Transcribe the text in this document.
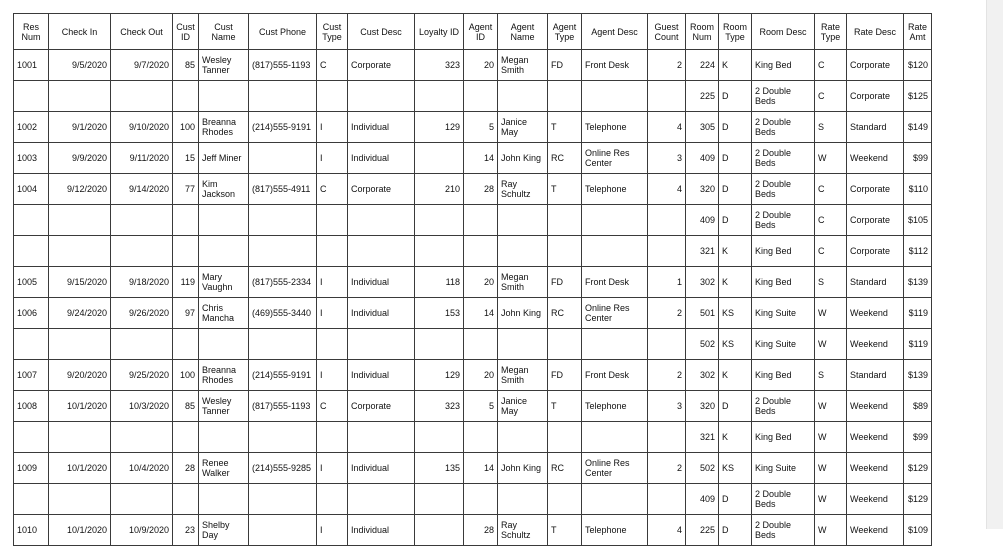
Res Num	Check In	Check Out	Cust ID	Cust Name	Cust Phone	Cust Type	Cust Desc	Loyalty ID	Agent ID	Agent Name	Agent Type	Agent Desc	Guest Count	Room Num	Room Type	Room Desc	Rate Type	Rate Desc	Rate Amt
1001	9/5/2020	9/7/2020	85	Wesley Tanner	(817)555-1193	C	Corporate	323	20	Megan Smith	FD	Front Desk	2	224	K	King Bed	C	Corporate	$120
														225	D	2 Double Beds	C	Corporate	$125
1002	9/1/2020	9/10/2020	100	Breanna Rhodes	(214)555-9191	I	Individual	129	5	Janice May	T	Telephone	4	305	D	2 Double Beds	S	Standard	$149
1003	9/9/2020	9/11/2020	15	Jeff Miner		I	Individual		14	John King	RC	Online Res Center	3	409	D	2 Double Beds	W	Weekend	$99
1004	9/12/2020	9/14/2020	77	Kim Jackson	(817)555-4911	C	Corporate	210	28	Ray Schultz	T	Telephone	4	320	D	2 Double Beds	C	Corporate	$110
														409	D	2 Double Beds	C	Corporate	$105
														321	K	King Bed	C	Corporate	$112
1005	9/15/2020	9/18/2020	119	Mary Vaughn	(817)555-2334	I	Individual	118	20	Megan Smith	FD	Front Desk	1	302	K	King Bed	S	Standard	$139
1006	9/24/2020	9/26/2020	97	Chris Mancha	(469)555-3440	I	Individual	153	14	John King	RC	Online Res Center	2	501	KS	King Suite	W	Weekend	$119
														502	KS	King Suite	W	Weekend	$119
1007	9/20/2020	9/25/2020	100	Breanna Rhodes	(214)555-9191	I	Individual	129	20	Megan Smith	FD	Front Desk	2	302	K	King Bed	S	Standard	$139
1008	10/1/2020	10/3/2020	85	Wesley Tanner	(817)555-1193	C	Corporate	323	5	Janice May	T	Telephone	3	320	D	2 Double Beds	W	Weekend	$89
														321	K	King Bed	W	Weekend	$99
1009	10/1/2020	10/4/2020	28	Renee Walker	(214)555-9285	I	Individual	135	14	John King	RC	Online Res Center	2	502	KS	King Suite	W	Weekend	$129
														409	D	2 Double Beds	W	Weekend	$129
1010	10/1/2020	10/9/2020	23	Shelby Day		I	Individual		28	Ray Schultz	T	Telephone	4	225	D	2 Double Beds	W	Weekend	$109
